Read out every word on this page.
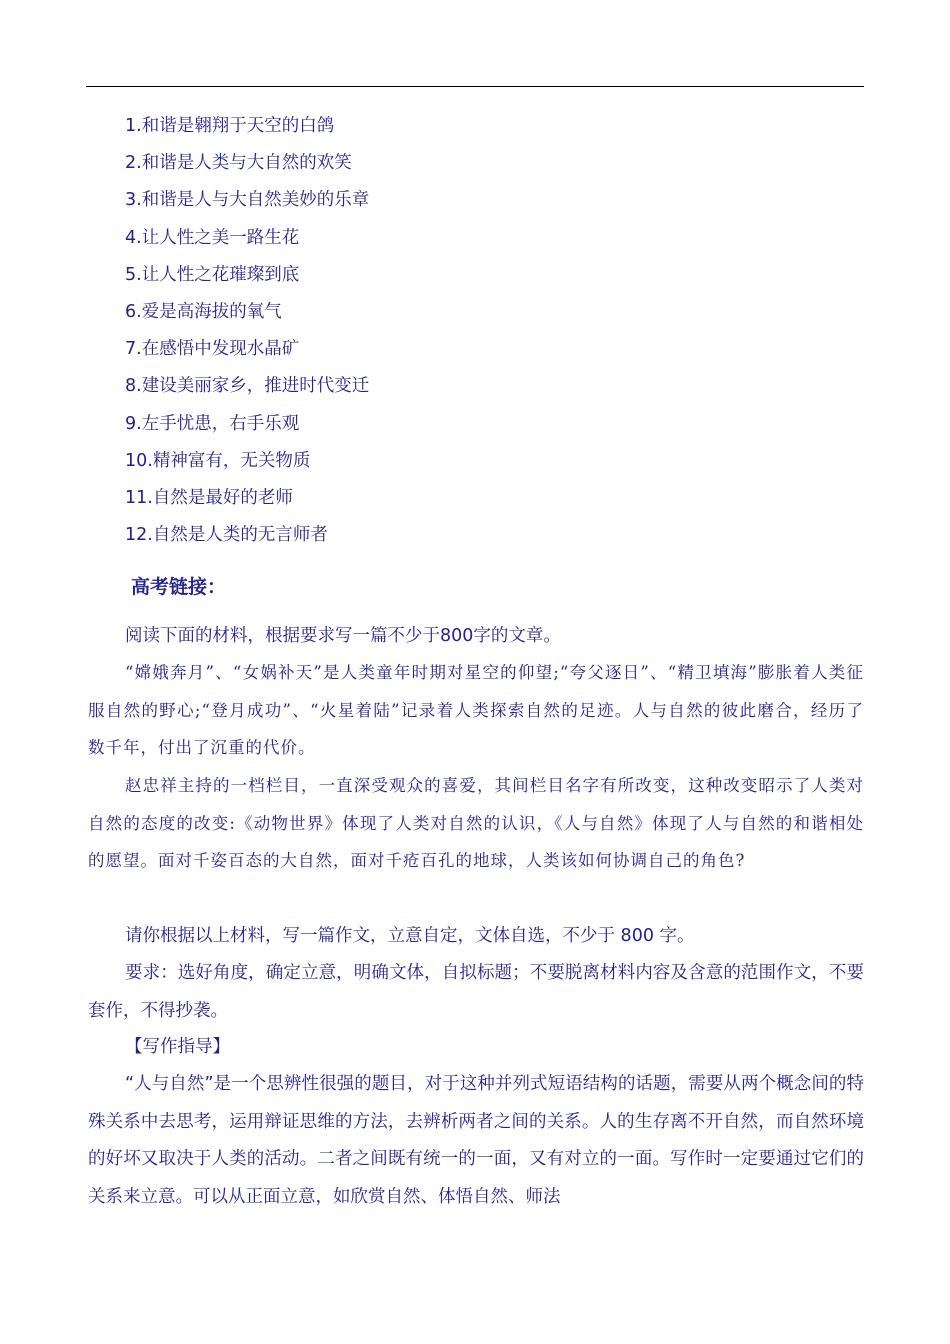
1.和谐是翱翔于天空的白鸽
2.和谐是人类与大自然的欢笑
3.和谐是人与大自然美妙的乐章
4.让人性之美一路生花
5.让人性之花璀璨到底
6.爱是高海拔的氧气
7.在感悟中发现水晶矿
8.建设美丽家乡，推进时代变迁
9.左手忧患，右手乐观
10.精神富有，无关物质
11.自然是最好的老师
12.自然是人类的无言师者
高考链接：

阅读下面的材料，根据要求写一篇不少于800字的文章。

“嫦娥奔月”、“女娲补天”是人类童年时期对星空的仰望;“夸父逐日”、“精卫填海”膨胀着人类征服自然的野心;“登月成功”、“火星着陆”记录着人类探索自然的足迹。人与自然的彼此磨合，经历了数千年，付出了沉重的代价。

赵忠祥主持的一档栏目，一直深受观众的喜爱，其间栏目名字有所改变，这种改变昭示了人类对自然的态度的改变:《动物世界》体现了人类对自然的认识，《人与自然》体现了人与自然的和谐相处的愿望。面对千姿百态的大自然，面对千疮百孔的地球，人类该如何协调自己的角色?

请你根据以上材料，写一篇作文，立意自定，文体自选，不少于 800 字。

要求：选好角度，确定立意，明确文体，自拟标题；不要脱离材料内容及含意的范围作文，不要套作，不得抄袭。

【写作指导】

“人与自然”是一个思辨性很强的题目，对于这种并列式短语结构的话题，需要从两个概念间的特殊关系中去思考，运用辩证思维的方法，去辨析两者之间的关系。人的生存离不开自然，而自然环境的好坏又取决于人类的活动。二者之间既有统一的一面，又有对立的一面。写作时一定要通过它们的关系来立意。可以从正面立意，如欣赏自然、体悟自然、师法
